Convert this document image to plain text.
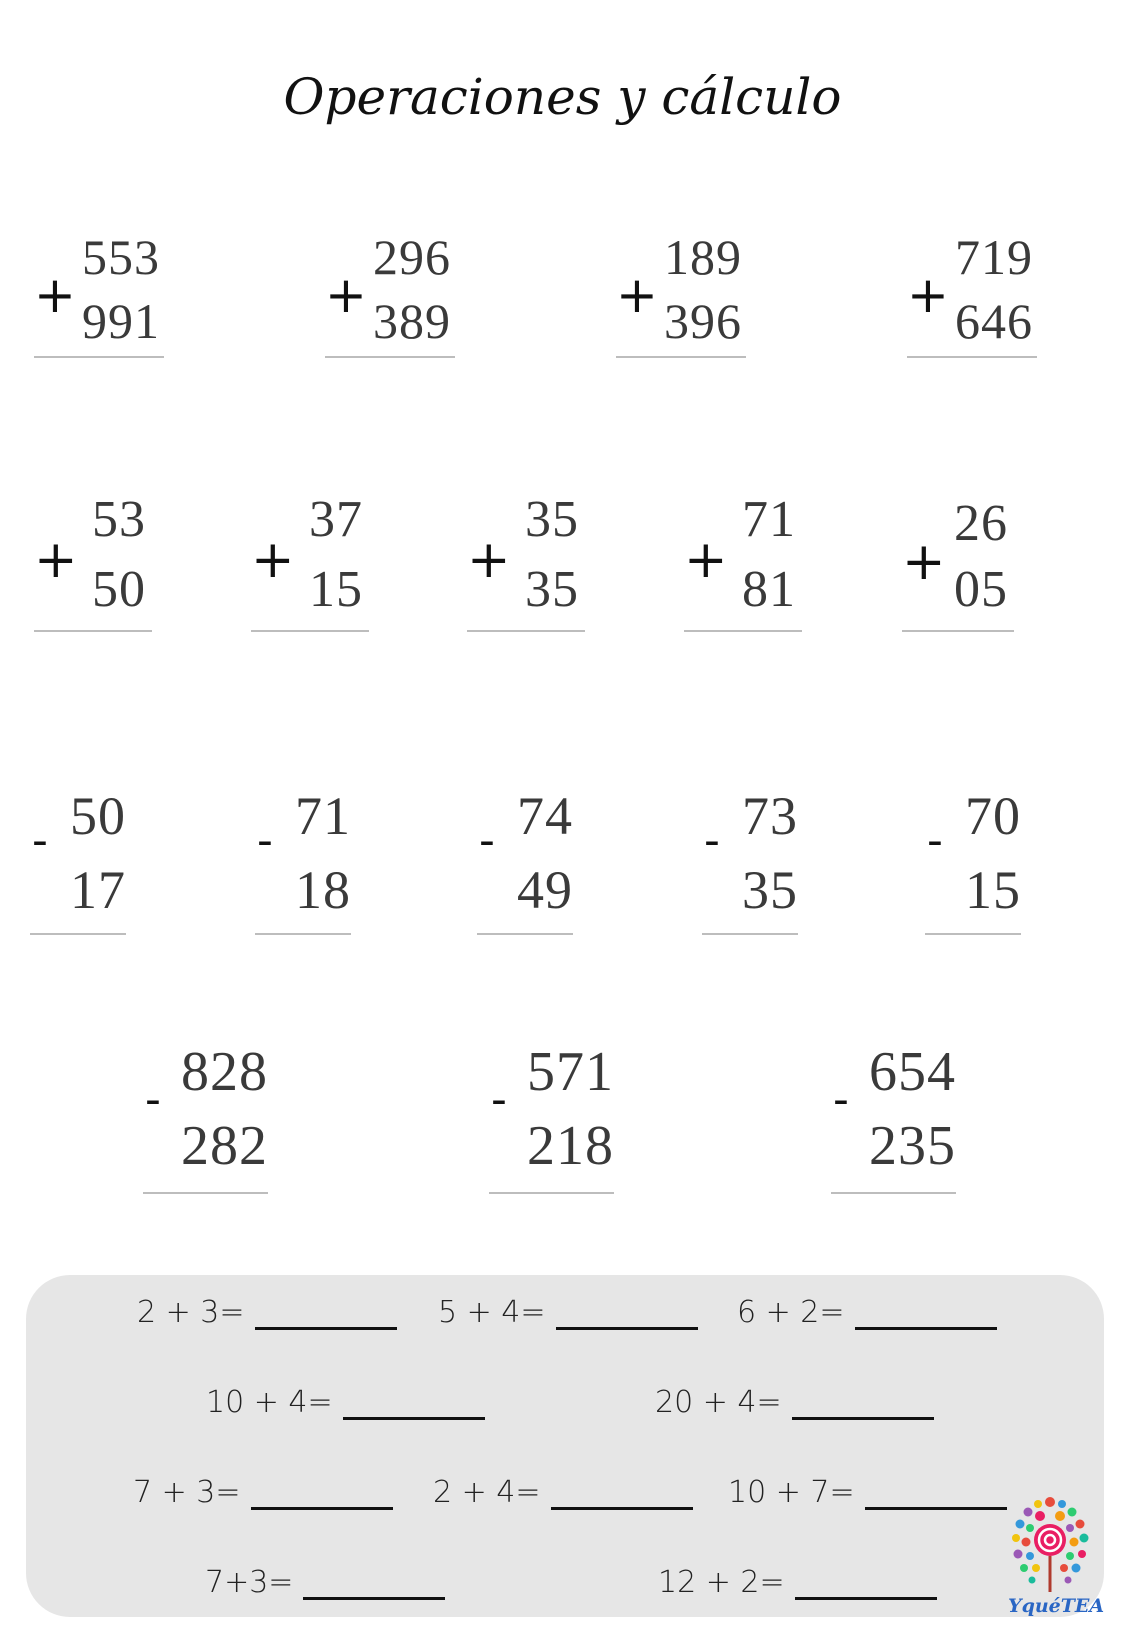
Operaciones y cálculo
+
553
991	+
296
389	+
189
396	+
719
646
+
53
50 +
37
15 +
35
35 +
71
81 +
26
05
- 50
17
- 71
18
- 74
49
- 73
35
- 70
15
- 828
282
- 571
218
- 654
235
2 + 3=	5 + 4=	6 + 2=
10 + 4=	20 + 4=
7 + 3=	2 + 4=	10 + 7=
7+3=	12 + 2=
YquéTEA
